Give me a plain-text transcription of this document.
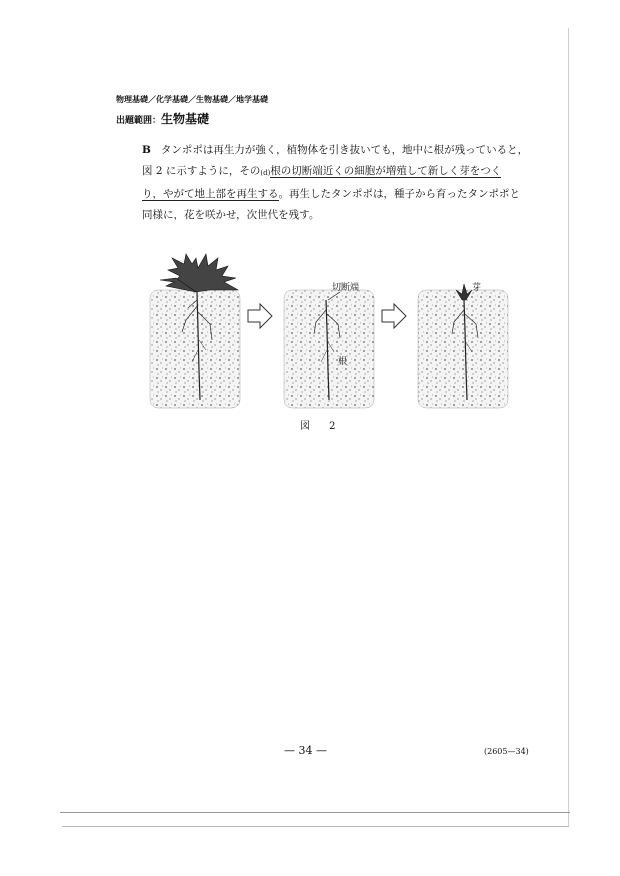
物理基礎／化学基礎／生物基礎／地学基礎
出題範囲：生物基礎
B タンポポは再生力が強く，植物体を引き抜いても，地中に根が残っていると，
図 2 に示すように，その(d)根の切断端近くの細胞が増殖して新しく芽をつく
り，やがて地上部を再生する。再生したタンポポは，種子から育ったタンポポと
同様に，花を咲かせ，次世代を残す。
切断端
根
芽
図 2
— 34 —	(2605—34)
